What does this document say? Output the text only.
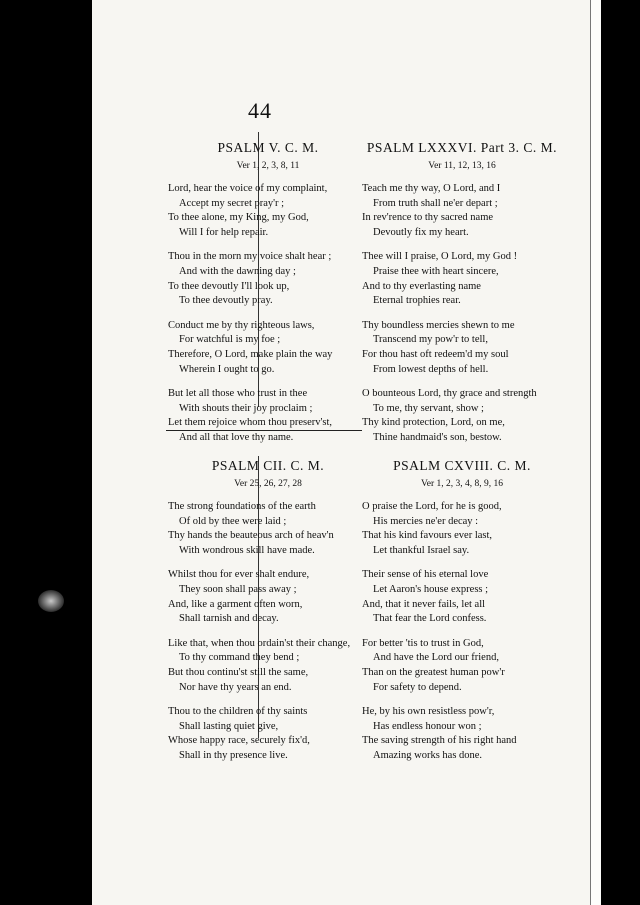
44
PSALM V. C. M.
Ver 1, 2, 3, 8, 11
Lord, hear the voice of my complaint,
Accept my secret pray'r ;
To thee alone, my King, my God,
Will I for help repair.
Thou in the morn my voice shalt hear ;
And with the dawning day ;
To thee devoutly I'll look up,
To thee devoutly pray.
Conduct me by thy righteous laws,
For watchful is my foe ;
Therefore, O Lord, make plain the way
Wherein I ought to go.
But let all those who trust in thee
With shouts their joy proclaim ;
Let them rejoice whom thou preserv'st,
And all that love thy name.
PSALM LXXXVI. Part 3. C. M.
Ver 11, 12, 13, 16
Teach me thy way, O Lord, and I
From truth shall ne'er depart ;
In rev'rence to thy sacred name
Devoutly fix my heart.
Thee will I praise, O Lord, my God !
Praise thee with heart sincere,
And to thy everlasting name
Eternal trophies rear.
Thy boundless mercies shewn to me
Transcend my pow'r to tell,
For thou hast oft redeem'd my soul
From lowest depths of hell.
O bounteous Lord, thy grace and strength
To me, thy servant, show ;
Thy kind protection, Lord, on me,
Thine handmaid's son, bestow.
PSALM CII. C. M.
Ver 25, 26, 27, 28
The strong foundations of the earth
Of old by thee were laid ;
Thy hands the beauteous arch of heav'n
With wondrous skill have made.
Whilst thou for ever shalt endure,
They soon shall pass away ;
And, like a garment often worn,
Shall tarnish and decay.
Like that, when thou ordain'st their change,
To thy command they bend ;
But thou continu'st still the same,
Nor have thy years an end.
Thou to the children of thy saints
Shall lasting quiet give,
Whose happy race, securely fix'd,
Shall in thy presence live.
PSALM CXVIII. C. M.
Ver 1, 2, 3, 4, 8, 9, 16
O praise the Lord, for he is good,
His mercies ne'er decay :
That his kind favours ever last,
Let thankful Israel say.
Their sense of his eternal love
Let Aaron's house express ;
And, that it never fails, let all
That fear the Lord confess.
For better 'tis to trust in God,
And have the Lord our friend,
Than on the greatest human pow'r
For safety to depend.
He, by his own resistless pow'r,
Has endless honour won ;
The saving strength of his right hand
Amazing works has done.
